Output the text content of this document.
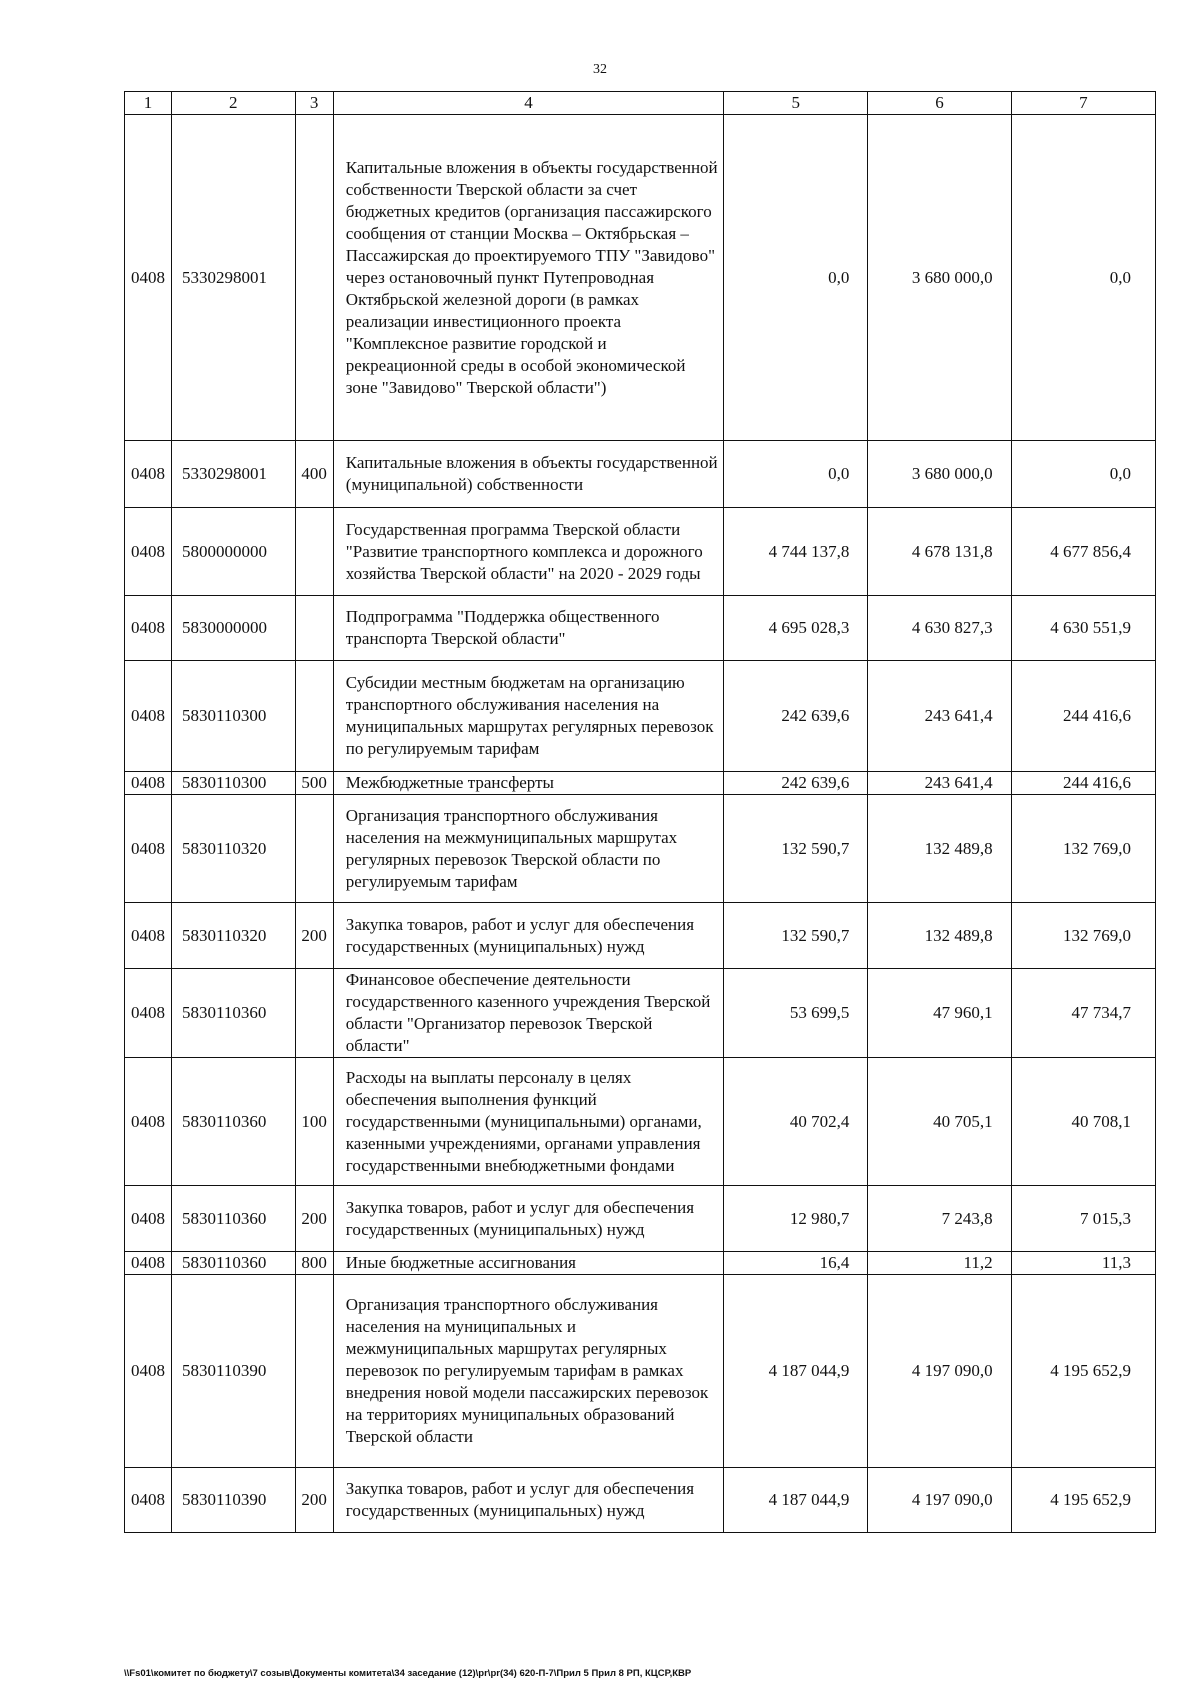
32
1	2	3	4	5	6	7
0408	5330298001		Капитальные вложения в объекты государственной собственности Тверской области за счет бюджетных кредитов (организация пассажирского сообщения от станции Москва – Октябрьская – Пассажирская до проектируемого ТПУ "Завидово" через остановочный пункт Путепроводная Октябрьской железной дороги (в рамках реализации инвестиционного проекта "Комплексное развитие городской и рекреационной среды в особой экономической зоне "Завидово" Тверской области")	0,0	3 680 000,0	0,0
0408	5330298001	400	Капитальные вложения в объекты государственной (муниципальной) собственности	0,0	3 680 000,0	0,0
0408	5800000000		Государственная программа Тверской области "Развитие транспортного комплекса и дорожного хозяйства Тверской области" на 2020 - 2029 годы	4 744 137,8	4 678 131,8	4 677 856,4
0408	5830000000		Подпрограмма "Поддержка общественного транспорта Тверской области"	4 695 028,3	4 630 827,3	4 630 551,9
0408	5830110300		Субсидии местным бюджетам на организацию транспортного обслуживания населения на муниципальных маршрутах регулярных перевозок по регулируемым тарифам	242 639,6	243 641,4	244 416,6
0408	5830110300	500	Межбюджетные трансферты	242 639,6	243 641,4	244 416,6
0408	5830110320		Организация транспортного обслуживания населения на межмуниципальных маршрутах регулярных перевозок Тверской области по регулируемым тарифам	132 590,7	132 489,8	132 769,0
0408	5830110320	200	Закупка товаров, работ и услуг для обеспечения государственных (муниципальных) нужд	132 590,7	132 489,8	132 769,0
0408	5830110360		Финансовое обеспечение деятельности государственного казенного учреждения Тверской области "Организатор перевозок Тверской области"	53 699,5	47 960,1	47 734,7
0408	5830110360	100	Расходы на выплаты персоналу в целях обеспечения выполнения функций государственными (муниципальными) органами, казенными учреждениями, органами управления государственными внебюджетными фондами	40 702,4	40 705,1	40 708,1
0408	5830110360	200	Закупка товаров, работ и услуг для обеспечения государственных (муниципальных) нужд	12 980,7	7 243,8	7 015,3
0408	5830110360	800	Иные бюджетные ассигнования	16,4	11,2	11,3
0408	5830110390		Организация транспортного обслуживания населения на муниципальных и межмуниципальных маршрутах регулярных перевозок по регулируемым тарифам в рамках внедрения новой модели пассажирских перевозок на территориях муниципальных образований Тверской области	4 187 044,9	4 197 090,0	4 195 652,9
0408	5830110390	200	Закупка товаров, работ и услуг для обеспечения государственных (муниципальных) нужд	4 187 044,9	4 197 090,0	4 195 652,9
\\Fs01\комитет по бюджету\7 созыв\Документы комитета\34 заседание (12)\pr\pr(34) 620-П-7\Прил 5 Прил 8 РП, КЦСР,КВР
